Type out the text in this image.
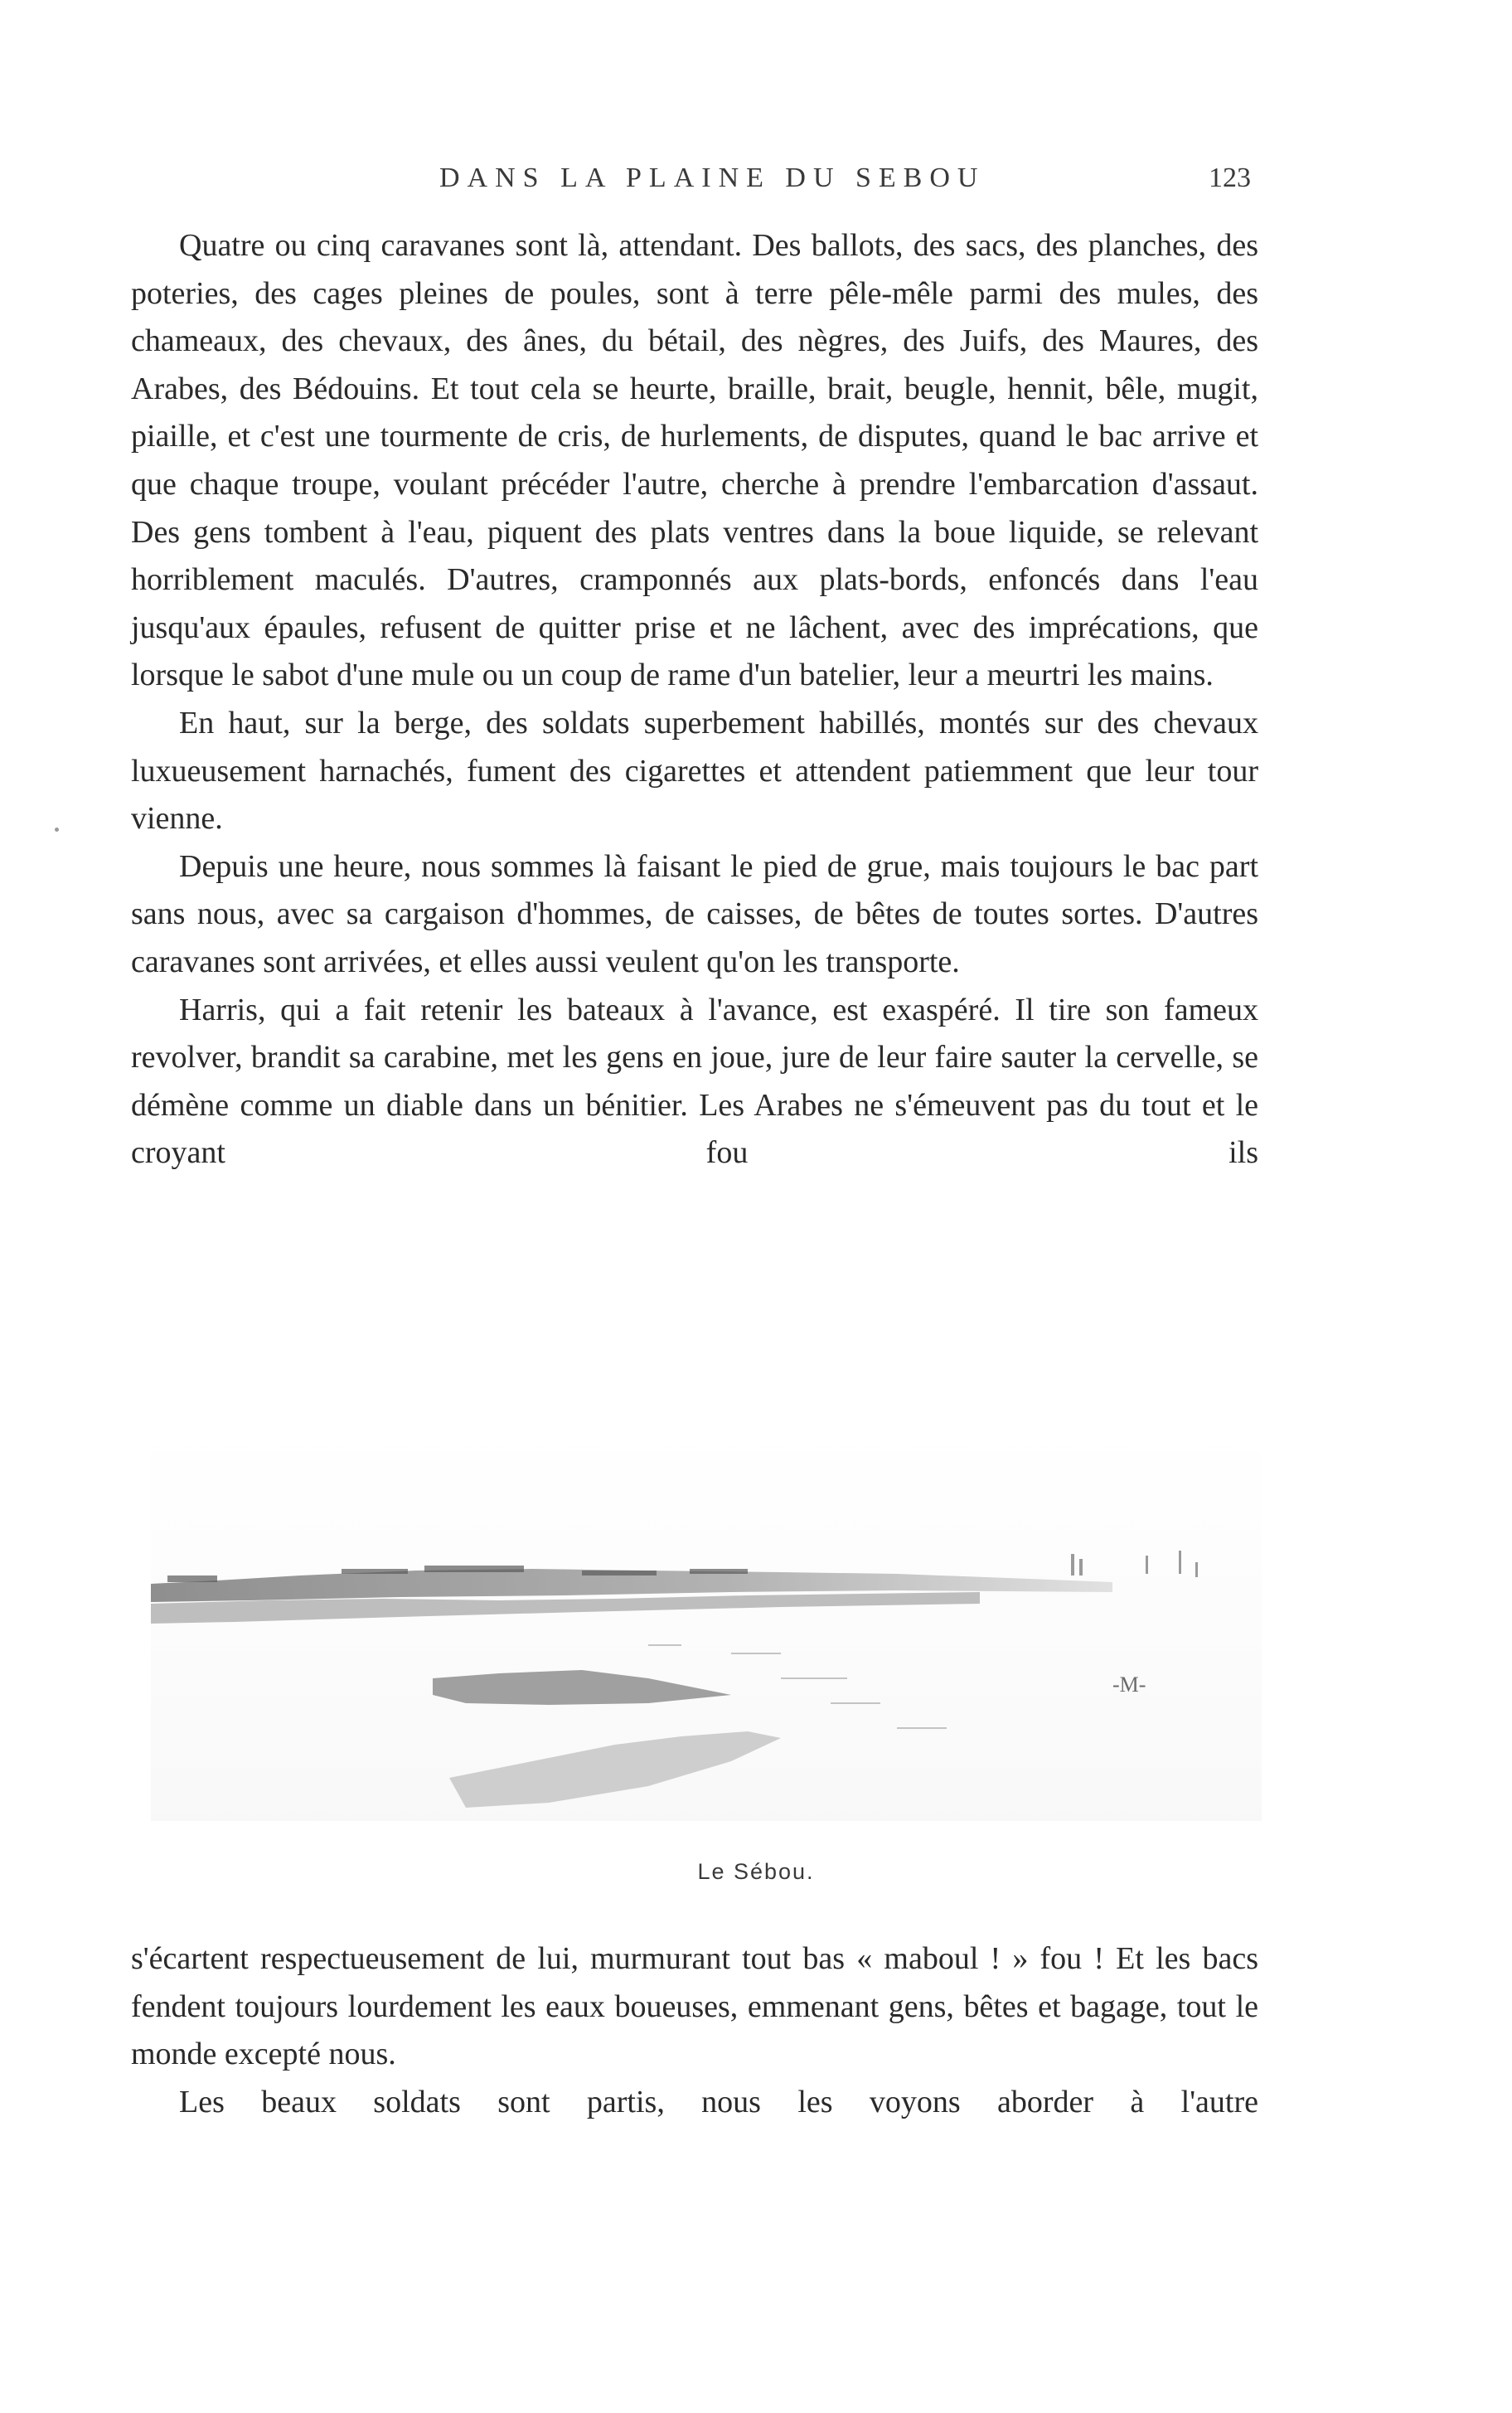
DANS LA PLAINE DU SEBOU	123

Quatre ou cinq caravanes sont là, attendant. Des ballots, des sacs, des planches, des poteries, des cages pleines de poules, sont à terre pêle-mêle parmi des mules, des chameaux, des chevaux, des ânes, du bétail, des nègres, des Juifs, des Maures, des Arabes, des Bédouins. Et tout cela se heurte, braille, brait, beugle, hennit, bêle, mugit, piaille, et c'est une tourmente de cris, de hurlements, de disputes, quand le bac arrive et que chaque troupe, voulant précéder l'autre, cherche à prendre l'embarcation d'assaut. Des gens tombent à l'eau, piquent des plats ventres dans la boue liquide, se relevant horriblement maculés. D'autres, cramponnés aux plats-bords, enfoncés dans l'eau jusqu'aux épaules, refusent de quitter prise et ne lâchent, avec des imprécations, que lorsque le sabot d'une mule ou un coup de rame d'un batelier, leur a meurtri les mains.

En haut, sur la berge, des soldats superbement habillés, montés sur des chevaux luxueusement harnachés, fument des cigarettes et attendent patiemment que leur tour vienne.

Depuis une heure, nous sommes là faisant le pied de grue, mais toujours le bac part sans nous, avec sa cargaison d'hommes, de caisses, de bêtes de toutes sortes. D'autres caravanes sont arrivées, et elles aussi veulent qu'on les transporte.

Harris, qui a fait retenir les bateaux à l'avance, est exaspéré. Il tire son fameux revolver, brandit sa carabine, met les gens en joue, jure de leur faire sauter la cervelle, se démène comme un diable dans un bénitier. Les Arabes ne s'émeuvent pas du tout et le croyant fou ils

-M-
Le Sébou.

s'écartent respectueusement de lui, murmurant tout bas « maboul ! » fou ! Et les bacs fendent toujours lourdement les eaux boueuses, emmenant gens, bêtes et bagage, tout le monde excepté nous.

Les beaux soldats sont partis, nous les voyons aborder à l'autre
